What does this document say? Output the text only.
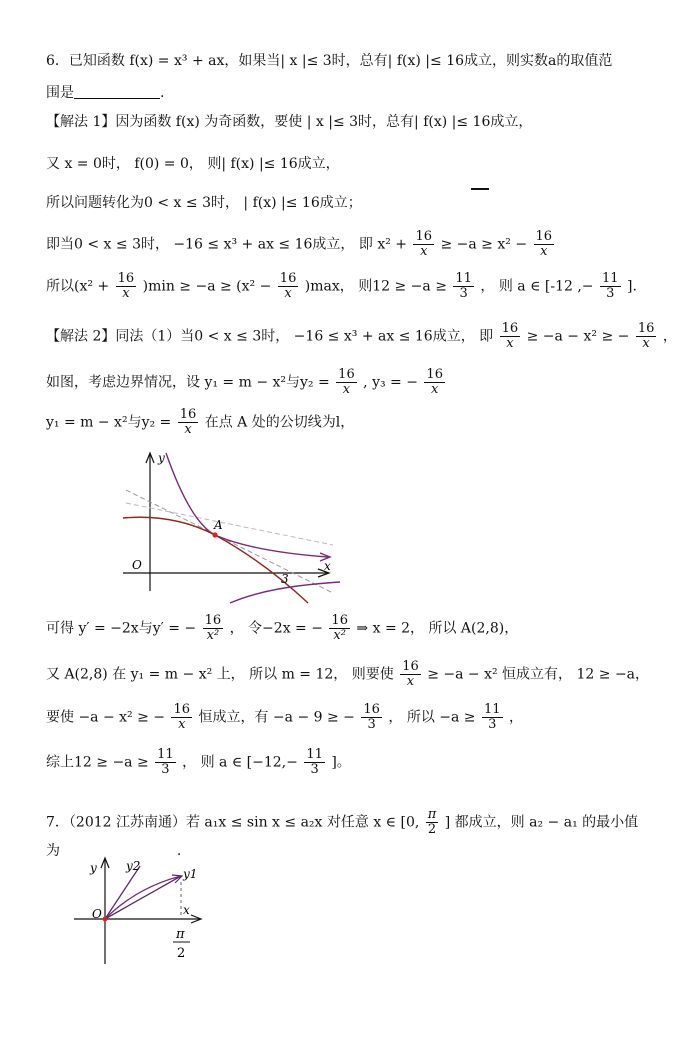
6．已知函数 f(x) = x³ + ax，如果当| x |≤ 3时，总有| f(x) |≤ 16成立，则实数a的取值范
围是	.
【解法 1】因为函数 f(x) 为奇函数，要使 | x |≤ 3时，总有| f(x) |≤ 16成立，
又 x = 0时， f(0) = 0， 则| f(x) |≤ 16成立，
所以问题转化为0 < x ≤ 3时， | f(x) |≤ 16成立；
即当0 < x ≤ 3时， −16 ≤ x³ + ax ≤ 16成立， 即 $x^2 + \frac{16}{x} \ge -a \ge x^2 - \frac{16}{x}$
所以$(x^2 + \frac{16}{x} )\min \ge -a \ge (x^2 - \frac{16}{x} )\max$， 则$12 \ge -a \ge \frac{11}{3}$ ， 则 a ∈ [-12 ,− $\frac{11}{3}$ ].
【解法 2】同法（1）当0 < x ≤ 3时， −16 ≤ x³ + ax ≤ 16成立， 即 $\frac{16}{x} \ge -a - x^2$ ≥ − $\frac{16}{x}$ ，
如图，考虑边界情况，设 y₁ = m − x²与$y_2 = \frac{16}{x}$ , y₃ = − $\frac{16}{x}$
y₁ = m − x²与$y_2 = \frac{16}{x}$ 在点 A 处的公切线为l，
y
x
O
A
3
可得 y′ = −2x与y′ = − $\frac{16}{\text{x²}}$ ， 令−2x = − $\frac{16}{\text{x²}}$ ⇒ x = 2， 所以 A(2,8)，
又 A(2,8) 在 y₁ = m − x² 上， 所以 m = 12， 则要使 $\frac{16}{x} \ge -a - x^2$ 恒成立有， 12 ≥ −a，
要使 −a − x² ≥ − $\frac{16}{x}$ 恒成立，有 −a − 9 ≥ − $\frac{16}{3}$ ， 所以 $-a \ge \frac{11}{3}$ ，
综上$12 \ge -a \ge \frac{11}{3}$ ， 则 a ∈ [$-12,- \frac{11}{3}$ ]。
7．（2012 江苏南通）若 a₁x ≤ sin x ≤ a₂x 对任意 x ∈ [0, $\frac{\pi}{2}$ ] 都成立，则 a₂ − a₁ 的最小值
为	.
y
x
O
y2
y1
π
2
